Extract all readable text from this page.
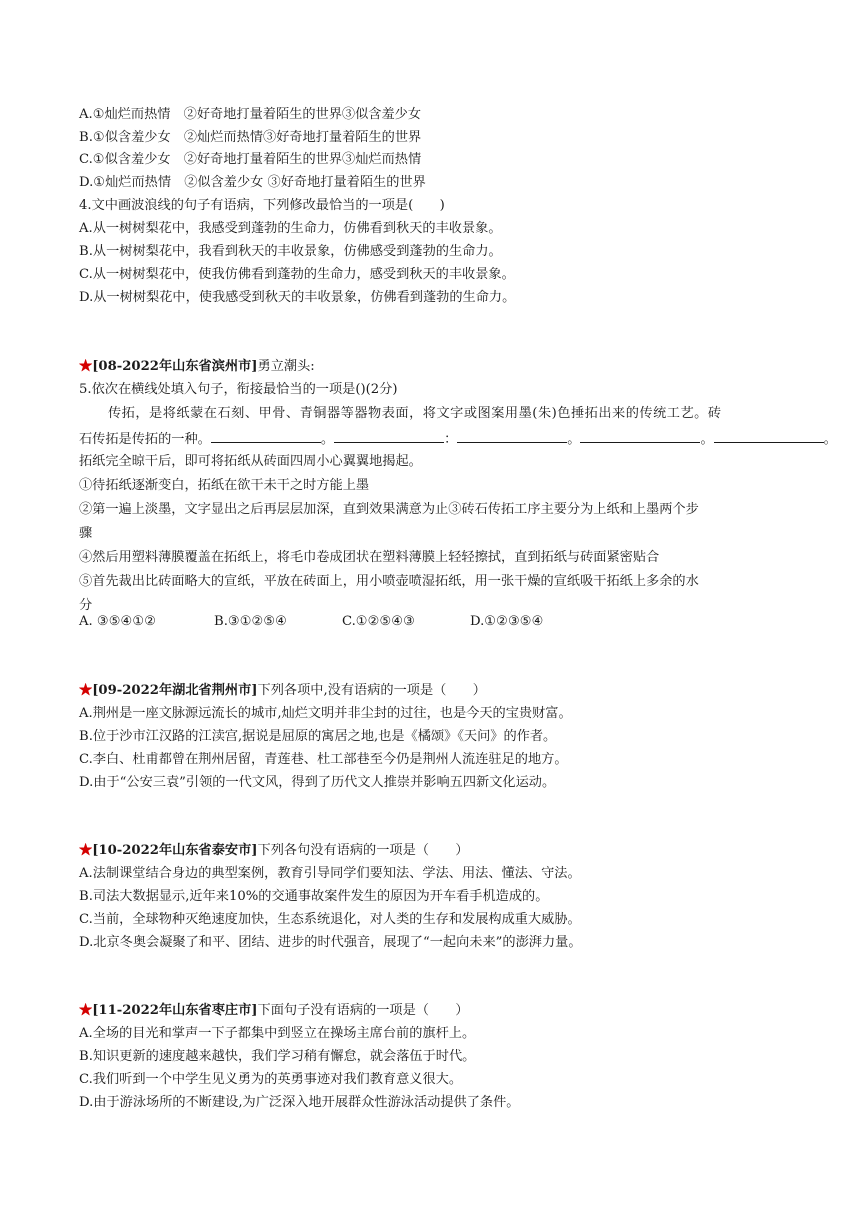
A.①灿烂而热情　②好奇地打量着陌生的世界③似含羞少女
B.①似含羞少女　②灿烂而热情③好奇地打量着陌生的世界
C.①似含羞少女　②好奇地打量着陌生的世界③灿烂而热情
D.①灿烂而热情　②似含羞少女 ③好奇地打量着陌生的世界
4.文中画波浪线的句子有语病，下列修改最恰当的一项是(　　)
A.从一树树梨花中，我感受到蓬勃的生命力，仿佛看到秋天的丰收景象。
B.从一树树梨花中，我看到秋天的丰收景象，仿佛感受到蓬勃的生命力。
C.从一树树梨花中，使我仿佛看到蓬勃的生命力，感受到秋天的丰收景象。
D.从一树树梨花中，使我感受到秋天的丰收景象，仿佛看到蓬勃的生命力。
★[08-2022年山东省滨州市]勇立潮头:
5.依次在横线处填入句子，衔接最恰当的一项是()(2分)
传拓，是将纸蒙在石刻、甲骨、青铜器等器物表面，将文字或图案用墨(朱)色捶拓出来的传统工艺。砖
石传拓是传拓的一种。	。	：	。	。	。
拓纸完全晾干后，即可将拓纸从砖面四周小心翼翼地揭起。
①待拓纸逐渐变白，拓纸在欲干未干之时方能上墨
②第一遍上淡墨，文字显出之后再层层加深，直到效果满意为止③砖石传拓工序主要分为上纸和上墨两个步
骤
④然后用塑料薄膜覆盖在拓纸上，将毛巾卷成团状在塑料薄膜上轻轻擦拭，直到拓纸与砖面紧密贴合
⑤首先裁出比砖面略大的宣纸，平放在砖面上，用小喷壶喷湿拓纸，用一张干燥的宣纸吸干拓纸上多余的水
分
A. ③⑤④①②	B.③①②⑤④	C.①②⑤④③	D.①②③⑤④
★[09-2022年湖北省荆州市]下列各项中,没有语病的一项是（　　）
A.荆州是一座文脉源远流长的城市,灿烂文明并非尘封的过往，也是今天的宝贵财富。
B.位于沙市江汉路的江渎宫,据说是屈原的寓居之地,也是《橘颂》《天问》的作者。
C.李白、杜甫都曾在荆州居留，青莲巷、杜工部巷至今仍是荆州人流连驻足的地方。
D.由于“公安三袁”引领的一代文风，得到了历代文人推崇并影响五四新文化运动。
★[10-2022年山东省泰安市]下列各句没有语病的一项是（　　）
A.法制课堂结合身边的典型案例，教育引导同学们要知法、学法、用法、懂法、守法。
B.司法大数据显示,近年来10%的交通事故案件发生的原因为开车看手机造成的。
C.当前，全球物种灭绝速度加快，生态系统退化，对人类的生存和发展构成重大威胁。
D.北京冬奥会凝聚了和平、团结、进步的时代强音，展现了“一起向未来”的澎湃力量。
★[11-2022年山东省枣庄市]下面句子没有语病的一项是（　　）
A.全场的目光和掌声一下子都集中到竖立在操场主席台前的旗杆上。
B.知识更新的速度越来越快，我们学习稍有懈怠，就会落伍于时代。
C.我们听到一个中学生见义勇为的英勇事迹对我们教育意义很大。
D.由于游泳场所的不断建设,为广泛深入地开展群众性游泳活动提供了条件。
